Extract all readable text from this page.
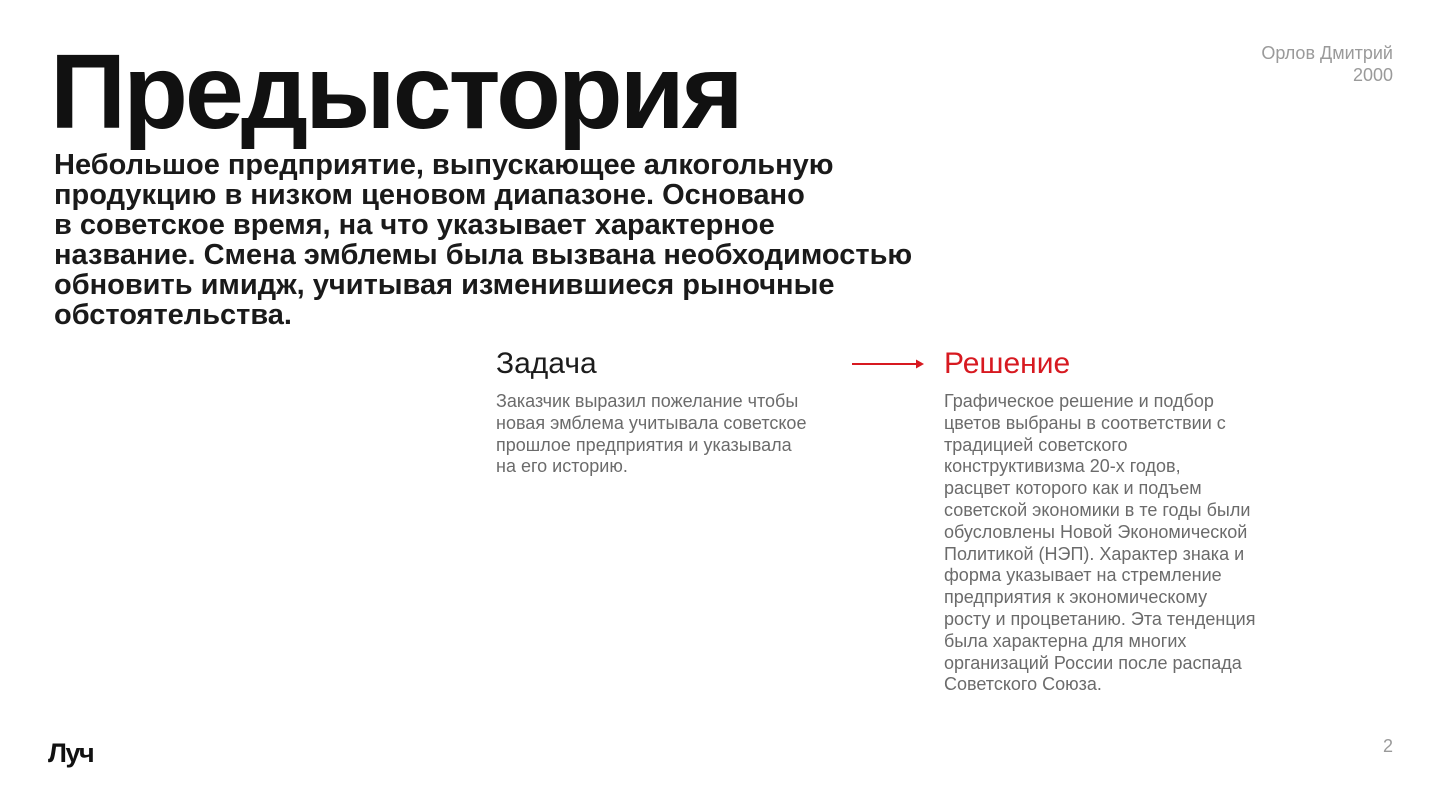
Предыстория	Орлов Дмитрий
2000

Небольшое предприятие, выпускающее алкогольную
продукцию в низком ценовом диапазоне. Основано
в советское время, на что указывает характерное
название. Смена эмблемы была вызвана необходимостью
обновить имидж, учитывая изменившиеся рыночные
обстоятельства.

Задача	Решение

Заказчик выразил пожелание чтобы
новая эмблема учитывала советское
прошлое предприятия и указывала
на его историю.

Графическое решение и подбор
цветов выбраны в соответствии с
традицией советского
конструктивизма 20-х годов,
расцвет которого как и подъем
советской экономики в те годы были
обусловлены Новой Экономической
Политикой (НЭП). Характер знака и
форма указывает на стремление
предприятия к экономическому
росту и процветанию. Эта тенденция
была характерна для многих
организаций России после распада
Советского Союза.

Луч	2
